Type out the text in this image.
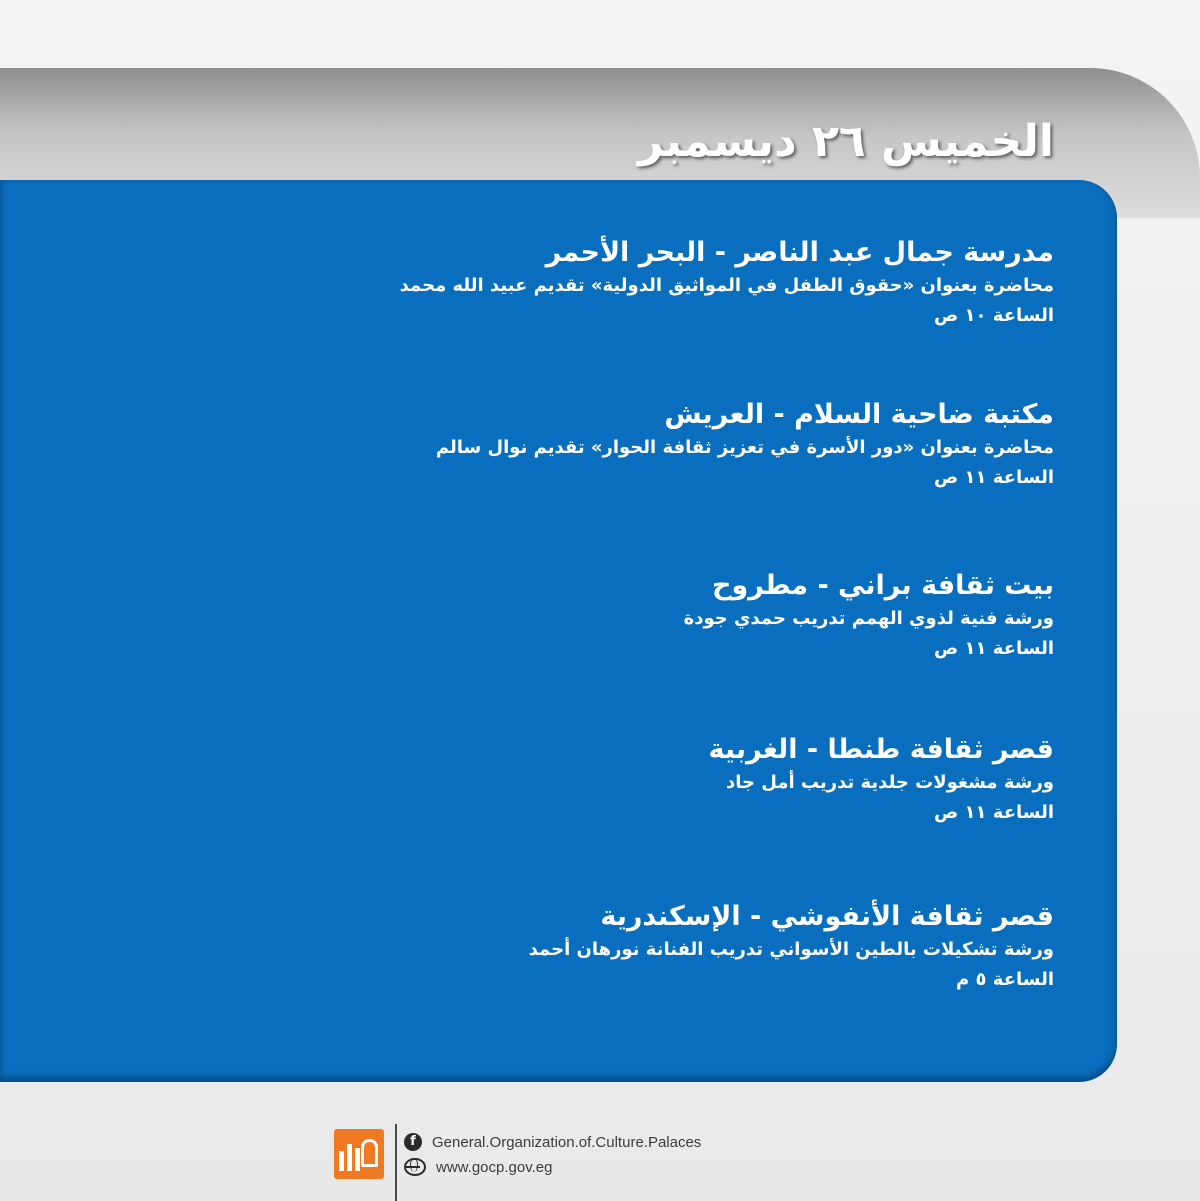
الخميس ٢٦ ديسمبر
مدرسة جمال عبد الناصر - البحر الأحمر

محاضرة بعنوان «حقوق الطفل في المواثيق الدولية» تقديم عبيد الله محمد

الساعة ١٠ ص

مكتبة ضاحية السلام - العريش

محاضرة بعنوان «دور الأسرة في تعزيز ثقافة الحوار» تقديم نوال سالم

الساعة ١١ ص

بيت ثقافة براني - مطروح

ورشة فنية لذوي الهمم تدريب حمدي جودة

الساعة ١١ ص

قصر ثقافة طنطا - الغربية

ورشة مشغولات جلدية تدريب أمل جاد

الساعة ١١ ص

قصر ثقافة الأنفوشي - الإسكندرية

ورشة تشكيلات بالطين الأسواني تدريب الفنانة نورهان أحمد

الساعة ٥ م

f	General.Organization.of.Culture.Palaces
www.gocp.gov.eg
